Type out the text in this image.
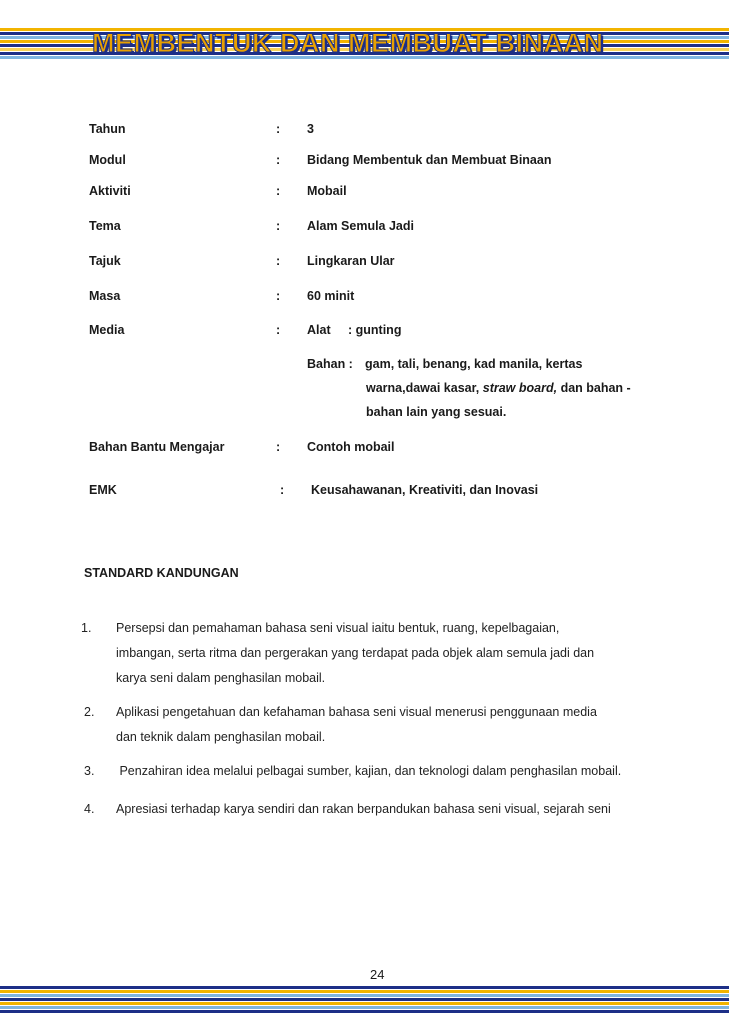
MEMBENTUK DAN MEMBUAT BINAAN
Tahun	: 3
Modul	: Bidang Membentuk dan Membuat Binaan
Aktiviti	: Mobail
Tema	: Alam Semula Jadi
Tajuk	: Lingkaran Ular
Masa	: 60 minit
Media	: Alat : gunting
Bahan : gam, tali, benang, kad manila, kertas
warna,dawai kasar, straw board, dan bahan -
bahan lain yang sesuai.
Bahan Bantu Mengajar	: Contoh mobail
EMK	: Keusahawanan, Kreativiti, dan Inovasi
STANDARD KANDUNGAN
1. Persepsi dan pemahaman bahasa seni visual iaitu bentuk, ruang, kepelbagaian,
imbangan, serta ritma dan pergerakan yang terdapat pada objek alam semula jadi dan
karya seni dalam penghasilan mobail.
2. Aplikasi pengetahuan dan kefahaman bahasa seni visual menerusi penggunaan media
dan teknik dalam penghasilan mobail.
3. Penzahiran idea melalui pelbagai sumber, kajian, dan teknologi dalam penghasilan mobail.
4. Apresiasi terhadap karya sendiri dan rakan berpandukan bahasa seni visual, sejarah seni
24
